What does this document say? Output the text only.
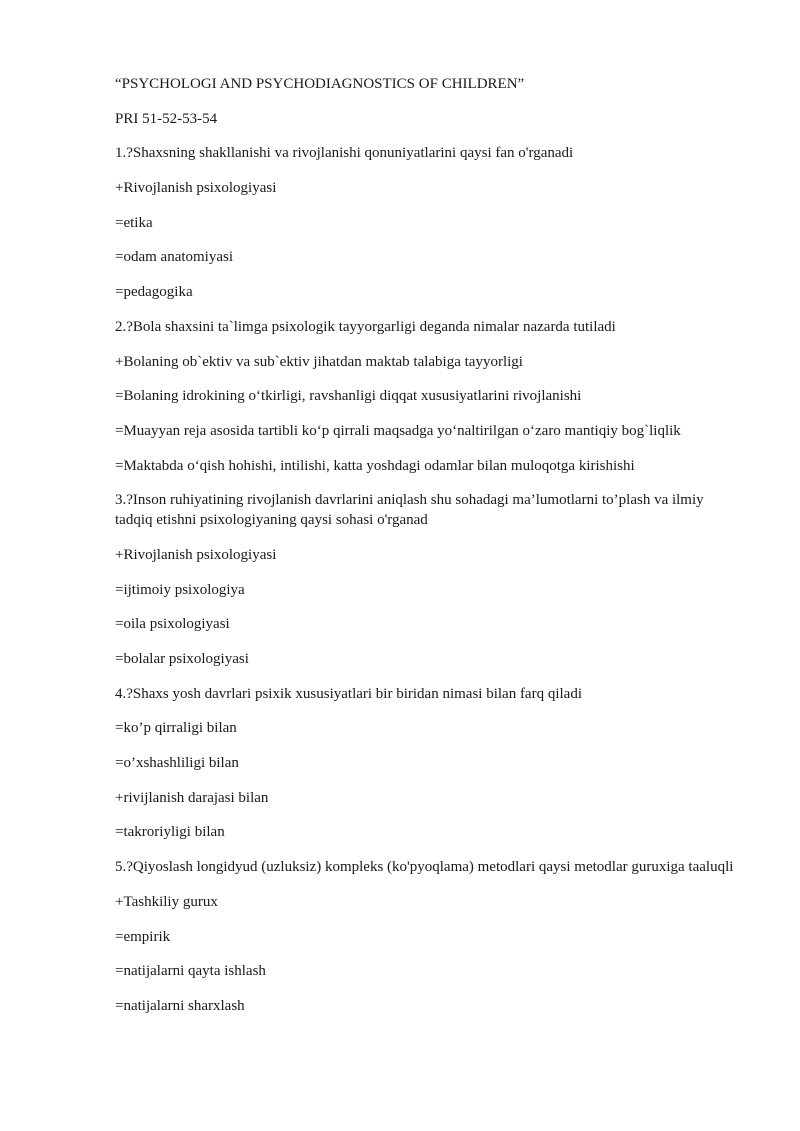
“PSYCHOLOGI AND PSYCHODIAGNOSTICS OF CHILDREN”
PRI 51-52-53-54
1.?Shaxsning shakllanishi va rivojlanishi qonuniyatlarini qaysi fan o'rganadi
+Rivojlanish psixologiyasi
=etika
=odam anatomiyasi
=pedagogika
2.?Bola shaxsini ta`limga psixologik tayyorgarligi deganda nimalar nazarda tutiladi
+Bolaning ob`ektiv va sub`ektiv jihatdan maktab talabiga tayyorligi
=Bolaning idrokining o‘tkirligi, ravshanligi diqqat xususiyatlarini rivojlanishi
=Muayyan reja asosida tartibli ko‘p qirrali maqsadga yo‘naltirilgan o‘zaro mantiqiy bog`liqlik
=Maktabda o‘qish hohishi, intilishi, katta yoshdagi odamlar bilan muloqotga kirishishi
3.?Inson ruhiyatining rivojlanish davrlarini aniqlash shu sohadagi ma’lumotlarni to’plash va ilmiy tadqiq etishni psixologiyaning qaysi sohasi o'rganad
+Rivojlanish psixologiyasi
=ijtimoiy psixologiya
=oila psixologiyasi
=bolalar psixologiyasi
4.?Shaxs yosh davrlari psixik xususiyatlari bir biridan nimasi bilan farq qiladi
=ko’p qirraligi bilan
=o’xshashliligi bilan
+rivijlanish darajasi bilan
=takroriyligi bilan
5.?Qiyoslash longidyud (uzluksiz) kompleks (ko'pyoqlama) metodlari qaysi metodlar guruxiga taaluqli
+Tashkiliy gurux
=empirik
=natijalarni qayta ishlash
=natijalarni sharxlash
